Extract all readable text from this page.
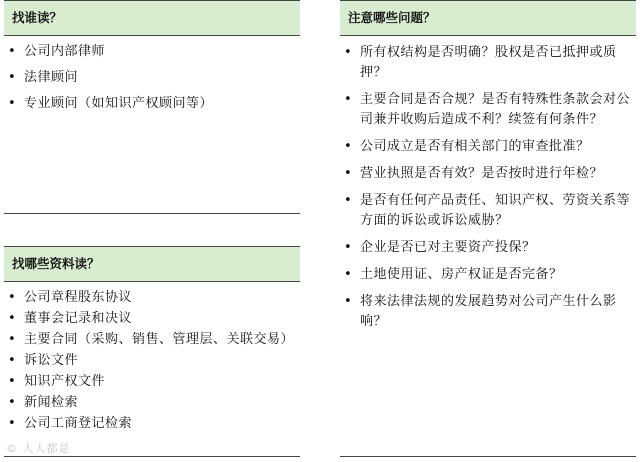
找谁读？
• 公司内部律师
• 法律顾问
• 专业顾问（如知识产权顾问等）
找哪些资料读？
• 公司章程股东协议
• 董事会记录和决议
• 主要合同（采购、销售、管理层、关联交易）
• 诉讼文件
• 知识产权文件
• 新闻检索
• 公司工商登记检索
注意哪些问题？
• 所有权结构是否明确？股权是否已抵押或质押？
• 主要合同是否合规？是否有特殊性条款会对公司兼并收购后造成不利？续签有何条件？
• 公司成立是否有相关部门的审查批准？
• 营业执照是否有效？是否按时进行年检？
• 是否有任何产品责任、知识产权、劳资关系等方面的诉讼或诉讼威胁？
• 企业是否已对主要资产投保？
• 土地使用证、房产权证是否完备？
• 将来法律法规的发展趋势对公司产生什么影响？
© 人人都是
